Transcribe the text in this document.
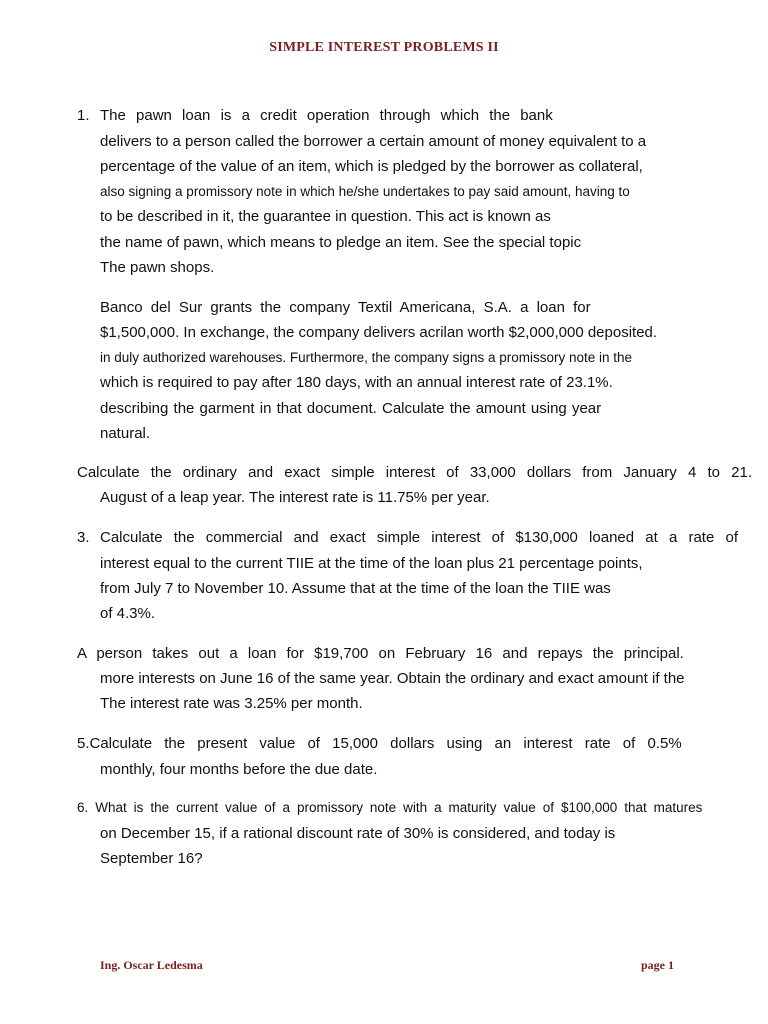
SIMPLE INTEREST PROBLEMS II
1. The pawn loan is a credit operation through which the bank
delivers to a person called the borrower a certain amount of money equivalent to a
percentage of the value of an item, which is pledged by the borrower as collateral,
also signing a promissory note in which he/she undertakes to pay said amount, having to
to be described in it, the guarantee in question. This act is known as
the name of pawn, which means to pledge an item. See the special topic
The pawn shops.
Banco del Sur grants the company Textil Americana, S.A. a loan for
$1,500,000. In exchange, the company delivers acrilan worth $2,000,000 deposited.
in duly authorized warehouses. Furthermore, the company signs a promissory note in the
which is required to pay after 180 days, with an annual interest rate of 23.1%.
describing the garment in that document. Calculate the amount using year
natural.
Calculate the ordinary and exact simple interest of 33,000 dollars from January 4 to 21.
August of a leap year. The interest rate is 11.75% per year.
3. Calculate the commercial and exact simple interest of $130,000 loaned at a rate of
interest equal to the current TIIE at the time of the loan plus 21 percentage points,
from July 7 to November 10. Assume that at the time of the loan the TIIE was
of 4.3%.
A person takes out a loan for $19,700 on February 16 and repays the principal.
more interests on June 16 of the same year. Obtain the ordinary and exact amount if the
The interest rate was 3.25% per month.
5.Calculate the present value of 15,000 dollars using an interest rate of 0.5%
monthly, four months before the due date.
6. What is the current value of a promissory note with a maturity value of $100,000 that matures
on December 15, if a rational discount rate of 30% is considered, and today is
September 16?
Ing. Oscar Ledesma	page 1
